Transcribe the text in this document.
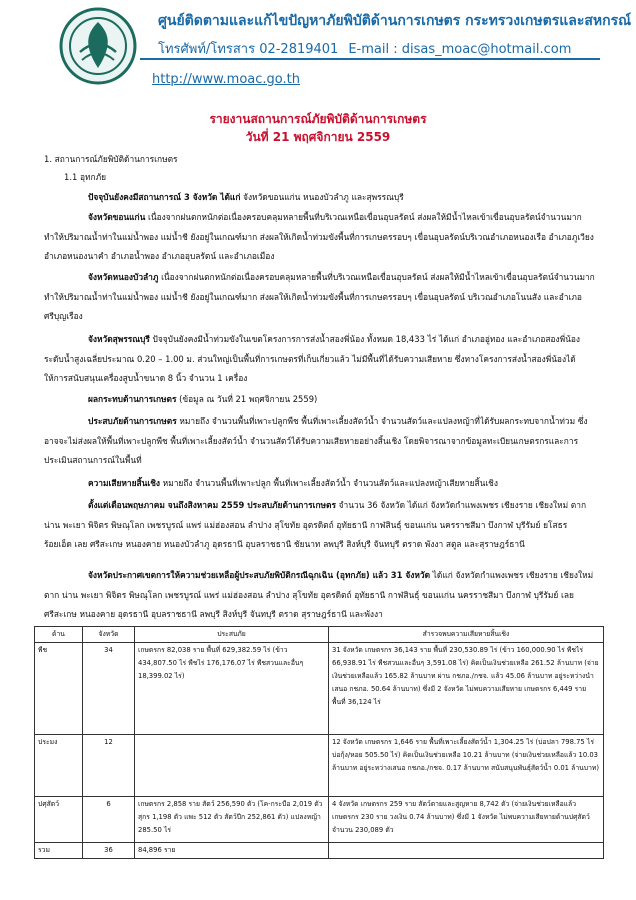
ศูนย์ติดตามและแก้ไขปัญหาภัยพิบัติด้านการเกษตร กระทรวงเกษตรและสหกรณ์
โทรศัพท์/โทรสาร 02-2819401 E-mail : disas_moac@hotmail.com
http://www.moac.go.th
รายงานสถานการณ์ภัยพิบัติด้านการเกษตร
วันที่ 21 พฤศจิกายน 2559
1. สถานการณ์ภัยพิบัติด้านการเกษตร
1.1 อุทกภัย
ปัจจุบันยังคงมีสถานการณ์ 3 จังหวัด ได้แก่ จังหวัดขอนแก่น หนองบัวลำภู และสุพรรณบุรี
จังหวัดขอนแก่น เนื่องจากฝนตกหนักต่อเนื่องครอบคลุมหลายพื้นที่บริเวณเหนือเขื่อนอุบลรัตน์ ส่งผลให้มีน้ำไหลเข้าเขื่อนอุบลรัตน์จำนวนมาก ทำให้ปริมาณน้ำท่าในแม่น้ำพอง แม่น้ำชี ยังอยู่ในเกณฑ์มาก ส่งผลให้เกิดน้ำท่วมขังพื้นที่การเกษตรรอบๆ เขื่อนอุบลรัตน์บริเวณอำเภอหนองเรือ อำเภอภูเวียง อำเภอหนองนาคำ อำเภอน้ำพอง อำเภออุบลรัตน์ และอำเภอเมือง
จังหวัดหนองบัวลำภู เนื่องจากฝนตกหนักต่อเนื่องครอบคลุมหลายพื้นที่บริเวณเหนือเขื่อนอุบลรัตน์ ส่งผลให้มีน้ำไหลเข้าเขื่อนอุบลรัตน์จำนวนมาก ทำให้ปริมาณน้ำท่าในแม่น้ำพอง แม่น้ำชี ยังอยู่ในเกณฑ์มาก ส่งผลให้เกิดน้ำท่วมขังพื้นที่การเกษตรรอบๆ เขื่อนอุบลรัตน์ บริเวณอำเภอโนนสัง และอำเภอศรีบุญเรือง
จังหวัดสุพรรณบุรี ปัจจุบันยังคงมีน้ำท่วมขังในเขตโครงการการส่งน้ำสองพี่น้อง ทั้งหมด 18,433 ไร่ ได้แก่ อำเภออู่ทอง และอำเภอสองพี่น้อง ระดับน้ำสูงเฉลี่ยประมาณ 0.20 – 1.00 ม. ส่วนใหญ่เป็นพื้นที่การเกษตรที่เก็บเกี่ยวแล้ว ไม่มีพื้นที่ได้รับความเสียหาย ซึ่งทางโครงการส่งน้ำสองพี่น้องได้ให้การสนับสนุนเครื่องสูบน้ำขนาด 8 นิ้ว จำนวน 1 เครื่อง
ผลกระทบด้านการเกษตร (ข้อมูล ณ วันที่ 21 พฤศจิกายน 2559)
ประสบภัยด้านการเกษตร หมายถึง จำนวนพื้นที่เพาะปลูกพืช พื้นที่เพาะเลี้ยงสัตว์น้ำ จำนวนสัตว์และแปลงหญ้าที่ได้รับผลกระทบจากน้ำท่วม ซึ่งอาจจะไม่ส่งผลให้พื้นที่เพาะปลูกพืช พื้นที่เพาะเลี้ยงสัตว์น้ำ จำนวนสัตว์ได้รับความเสียหายอย่างสิ้นเชิง โดยพิจารณาจากข้อมูลทะเบียนเกษตรกรและการประเมินสถานการณ์ในพื้นที่
ความเสียหายสิ้นเชิง หมายถึง จำนวนพื้นที่เพาะปลูก พื้นที่เพาะเลี้ยงสัตว์น้ำ จำนวนสัตว์และแปลงหญ้าเสียหายสิ้นเชิง
ตั้งแต่เดือนพฤษภาคม จนถึงสิงหาคม 2559 ประสบภัยด้านการเกษตร จำนวน 36 จังหวัด ได้แก่ จังหวัดกำแพงเพชร เชียงราย เชียงใหม่ ตาก น่าน พะเยา พิจิตร พิษณุโลก เพชรบูรณ์ แพร่ แม่ฮ่องสอน ลำปาง สุโขทัย อุตรดิตถ์ อุทัยธานี กาฬสินธุ์ ขอนแก่น นครราชสีมา บึงกาฬ บุรีรัมย์ ยโสธร ร้อยเอ็ด เลย ศรีสะเกษ หนองคาย หนองบัวลำภู อุดรธานี อุบลราชธานี ชัยนาท ลพบุรี สิงห์บุรี จันทบุรี ตราด พังงา สตูล และสุราษฎร์ธานี
จังหวัดประกาศเขตการให้ความช่วยเหลือผู้ประสบภัยพิบัติกรณีฉุกเฉิน (อุทกภัย) แล้ว 31 จังหวัด ได้แก่ จังหวัดกำแพงเพชร เชียงราย เชียงใหม่ ตาก น่าน พะเยา พิจิตร พิษณุโลก เพชรบูรณ์ แพร่ แม่ฮ่องสอน ลำปาง สุโขทัย อุตรดิตถ์ อุทัยธานี กาฬสินธุ์ ขอนแก่น นครราชสีมา บึงกาฬ บุรีรัมย์ เลย ศรีสะเกษ หนองคาย อุดรธานี อุบลราชธานี ลพบุรี สิงห์บุรี จันทบุรี ตราด สุราษฎร์ธานี และพังงา
ด้าน	จังหวัด	ประสบภัย	สำรวจพบความเสียหายสิ้นเชิง
พืช	34	เกษตรกร 82,038 ราย พื้นที่ 629,382.59 ไร่ (ข้าว 434,807.50 ไร่ พืชไร่ 176,176.07 ไร่ พืชสวนและอื่นๆ 18,399.02 ไร่)	31 จังหวัด เกษตรกร 36,143 ราย พื้นที่ 230,530.89 ไร่ (ข้าว 160,000.90 ไร่ พืชไร่ 66,938.91 ไร่ พืชสวนและอื่นๆ 3,591.08 ไร่) คิดเป็นเงินช่วยเหลือ 261.52 ล้านบาท (จ่ายเงินช่วยเหลือแล้ว 165.82 ล้านบาท ผ่าน กชภอ./กชจ. แล้ว 45.06 ล้านบาท อยู่ระหว่างนำเสนอ กชภอ. 50.64 ล้านบาท) ซึ่งมี 2 จังหวัด ไม่พบความเสียหาย เกษตรกร 6,449 ราย พื้นที่ 36,124 ไร่
ประมง	12		12 จังหวัด เกษตรกร 1,646 ราย พื้นที่เพาะเลี้ยงสัตว์น้ำ 1,304.25 ไร่ (บ่อปลา 798.75 ไร่ บ่อกุ้ง/หอย 505.50 ไร่) คิดเป็นเงินช่วยเหลือ 10.21 ล้านบาท (จ่ายเงินช่วยเหลือแล้ว 10.03 ล้านบาท อยู่ระหว่างเสนอ กชภอ./กชจ. 0.17 ล้านบาท สนับสนุนพันธุ์สัตว์น้ำ 0.01 ล้านบาท)
ปศุสัตว์	6	เกษตรกร 2,858 ราย สัตว์ 256,590 ตัว (โค-กระบือ 2,019 ตัว สุกร 1,198 ตัว แพะ 512 ตัว สัตว์ปีก 252,861 ตัว) แปลงหญ้า 285.50 ไร่	4 จังหวัด เกษตรกร 259 ราย สัตว์ตายและสูญหาย 8,742 ตัว (จ่ายเงินช่วยเหลือแล้ว เกษตรกร 230 ราย วงเงิน 0.74 ล้านบาท) ซึ่งมี 1 จังหวัด ไม่พบความเสียหายด้านปศุสัตว์ จำนวน 230,089 ตัว
รวม	36	84,896 ราย	
